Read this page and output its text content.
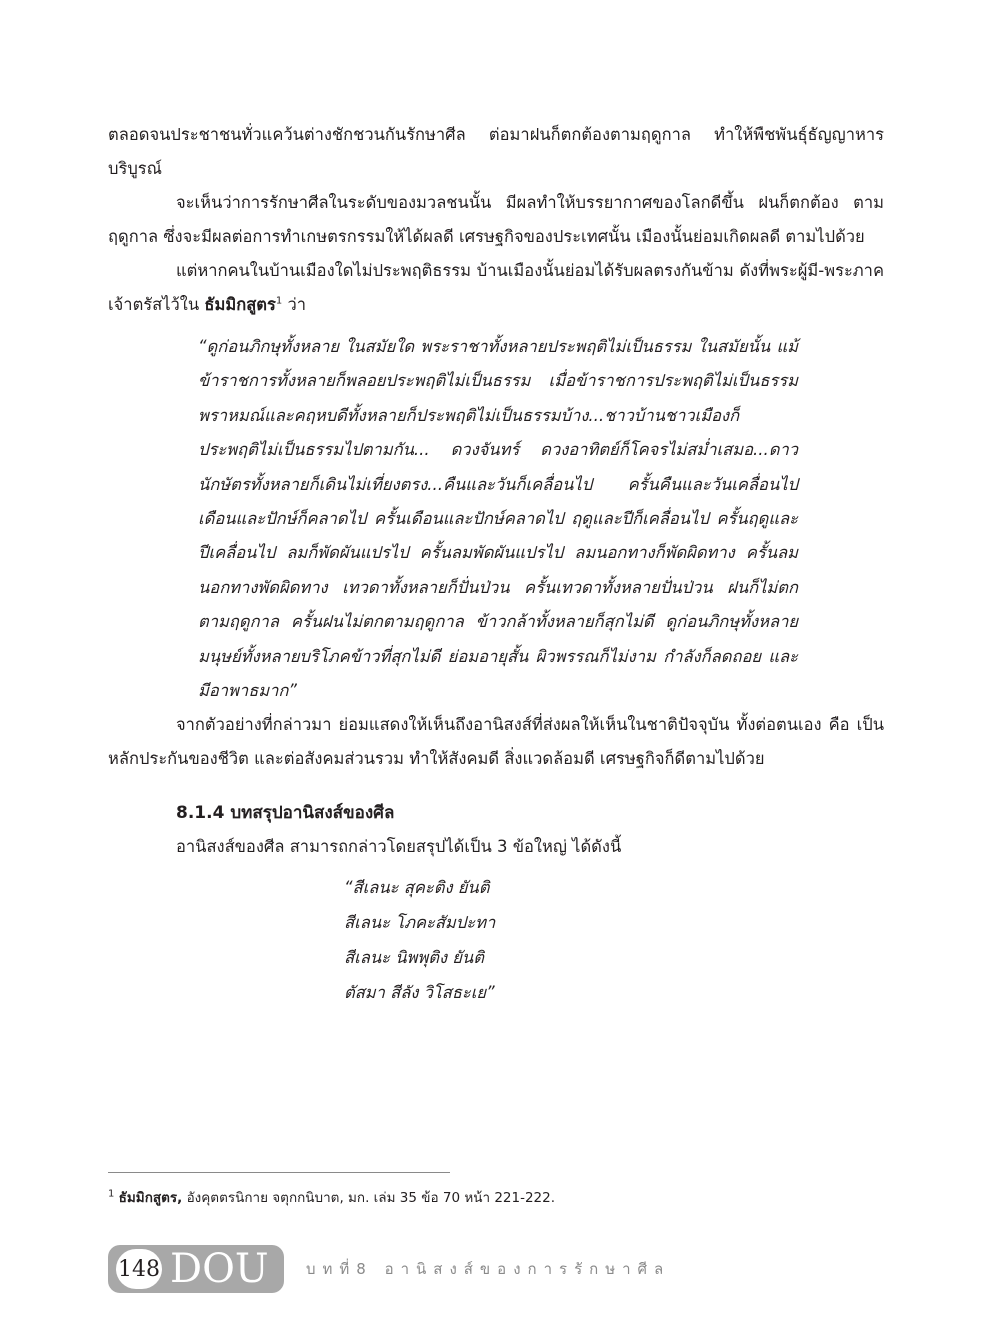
ตลอดจนประชาชนทั่วแคว้นต่างชักชวนกันรักษาศีล ต่อมาฝนก็ตกต้องตามฤดูกาล ทำให้พืชพันธุ์ธัญญาหารบริบูรณ์

จะเห็นว่าการรักษาศีลในระดับของมวลชนนั้น มีผลทำให้บรรยากาศของโลกดีขึ้น ฝนก็ตกต้อง ตามฤดูกาล ซึ่งจะมีผลต่อการทำเกษตรกรรมให้ได้ผลดี เศรษฐกิจของประเทศนั้น เมืองนั้นย่อมเกิดผลดี ตามไปด้วย

แต่หากคนในบ้านเมืองใดไม่ประพฤติธรรม บ้านเมืองนั้นย่อมได้รับผลตรงกันข้าม ดังที่พระผู้มี-พระภาคเจ้าตรัสไว้ใน ธัมมิกสูตร$^1$ ว่า

“ดูก่อนภิกษุทั้งหลาย ในสมัยใด พระราชาทั้งหลายประพฤติไม่เป็นธรรม ในสมัยนั้น แม้ข้าราชการทั้งหลายก็พลอยประพฤติไม่เป็นธรรม เมื่อข้าราชการประพฤติไม่เป็นธรรม พราหมณ์และคฤหบดีทั้งหลายก็ประพฤติไม่เป็นธรรมบ้าง...ชาวบ้านชาวเมืองก็ประพฤติไม่เป็นธรรมไปตามกัน... ดวงจันทร์ ดวงอาทิตย์ก็โคจรไม่สม่ำเสมอ...ดาวนักษัตรทั้งหลายก็เดินไม่เที่ยงตรง...คืนและวันก็เคลื่อนไป ครั้นคืนและวันเคลื่อนไป เดือนและปักษ์ก็คลาดไป ครั้นเดือนและปักษ์คลาดไป ฤดูและปีก็เคลื่อนไป ครั้นฤดูและปีเคลื่อนไป ลมก็พัดผันแปรไป ครั้นลมพัดผันแปรไป ลมนอกทางก็พัดผิดทาง ครั้นลมนอกทางพัดผิดทาง เทวดาทั้งหลายก็ปั่นป่วน ครั้นเทวดาทั้งหลายปั่นป่วน ฝนก็ไม่ตกตามฤดูกาล ครั้นฝนไม่ตกตามฤดูกาล ข้าวกล้าทั้งหลายก็สุกไม่ดี ดูก่อนภิกษุทั้งหลาย มนุษย์ทั้งหลายบริโภคข้าวที่สุกไม่ดี ย่อมอายุสั้น ผิวพรรณก็ไม่งาม กำลังก็ลดถอย และมีอาพาธมาก”

จากตัวอย่างที่กล่าวมา ย่อมแสดงให้เห็นถึงอานิสงส์ที่ส่งผลให้เห็นในชาติปัจจุบัน ทั้งต่อตนเอง คือ เป็นหลักประกันของชีวิต และต่อสังคมส่วนรวม ทำให้สังคมดี สิ่งแวดล้อมดี เศรษฐกิจก็ดีตามไปด้วย

8.1.4 บทสรุปอานิสงส์ของศีล

อานิสงส์ของศีล สามารถกล่าวโดยสรุปได้เป็น 3 ข้อใหญ่ ได้ดังนี้

“สีเลนะ สุคะติง ยันติ

สีเลนะ โภคะสัมปะทา

สีเลนะ นิพพุติง ยันติ

ตัสมา สีลัง วิโสธะเย”

$^1$ ธัมมิกสูตร, อังคุตตรนิกาย จตุกกนิบาต, มก. เล่ม 35 ข้อ 70 หน้า 221-222.
148 DOU บทที่8 อานิสงส์ของการรักษาศีล
